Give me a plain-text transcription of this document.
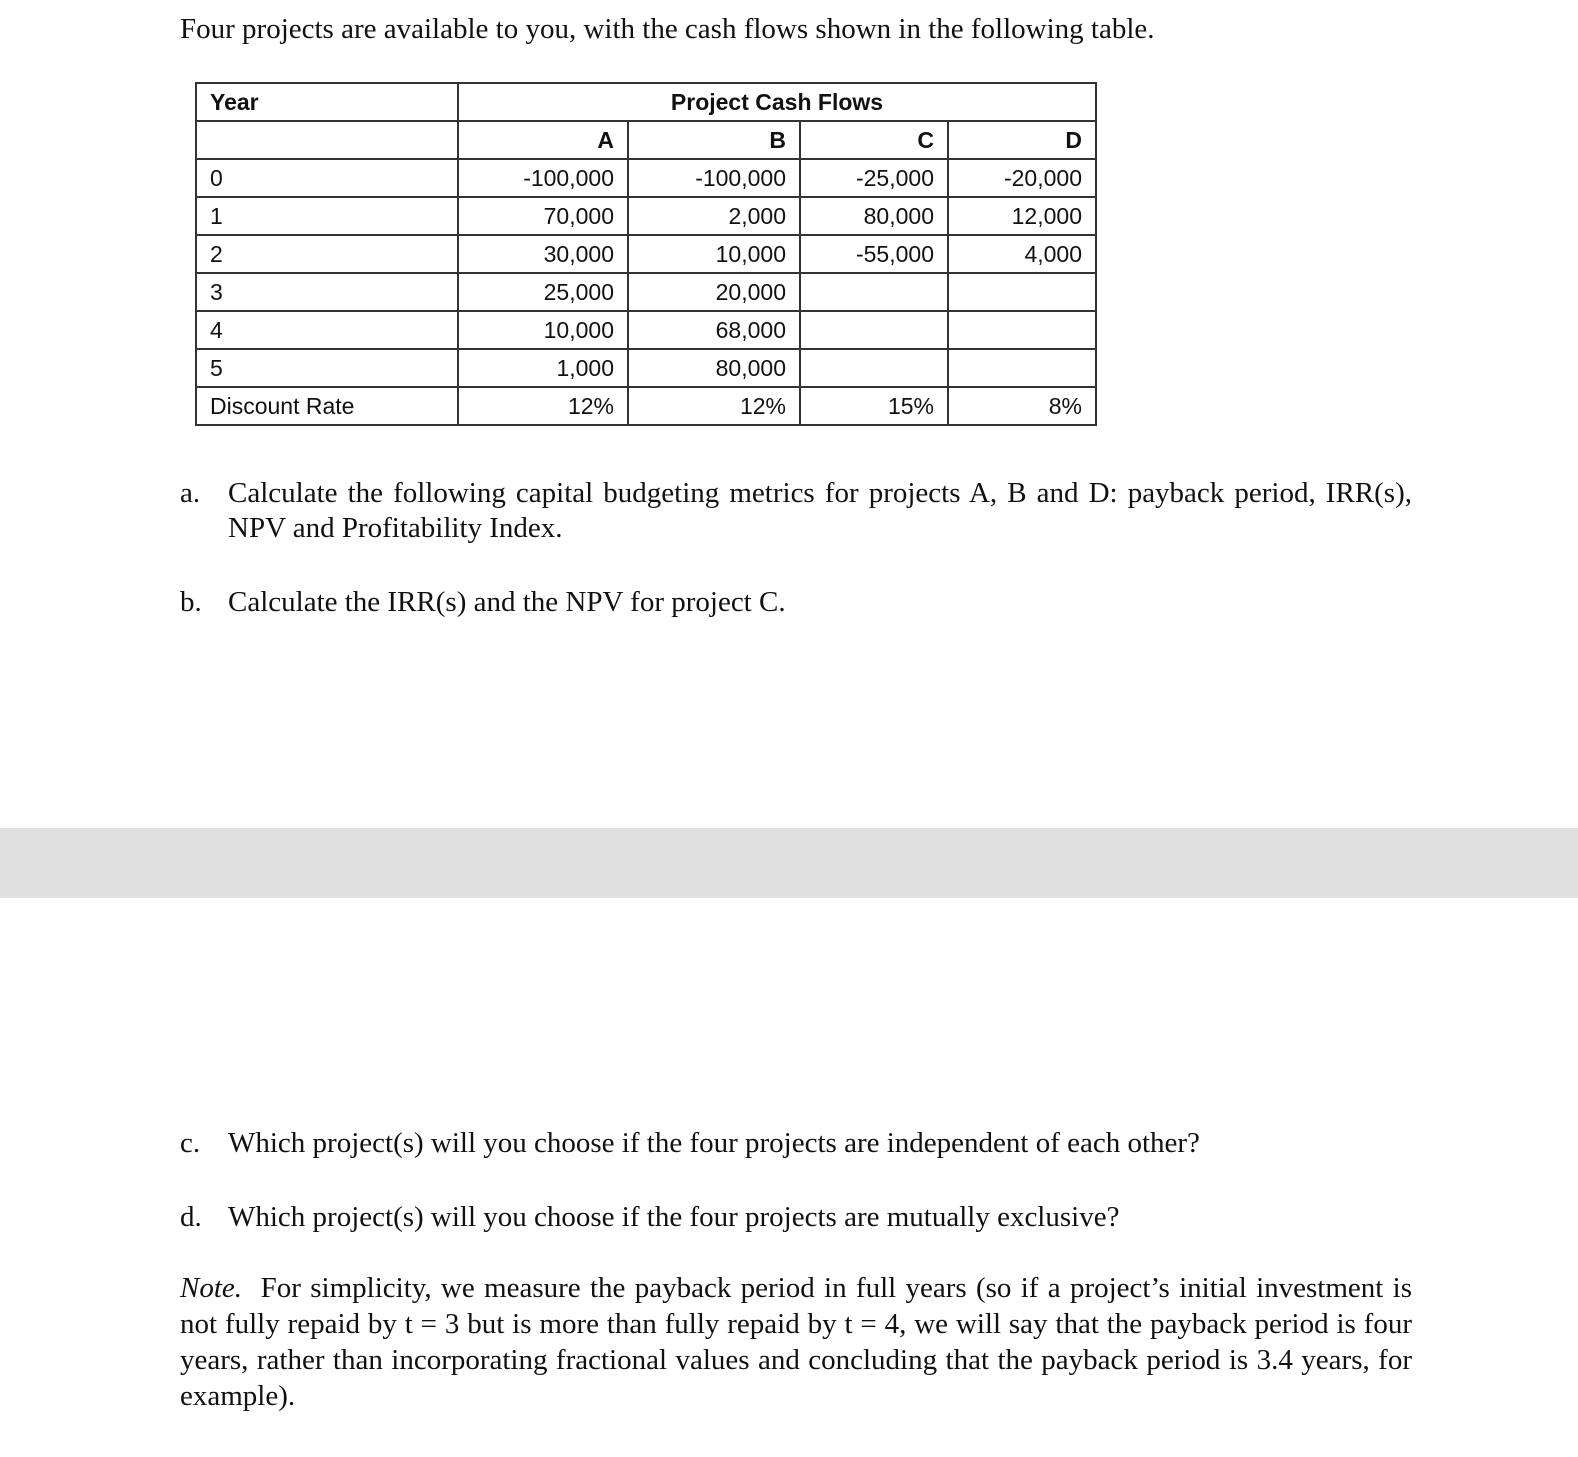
Four projects are available to you, with the cash flows shown in the following table.
Year	Project Cash Flows			
	A	B	C	D
0	-100,000	-100,000	-25,000	-20,000
1	70,000	2,000	80,000	12,000
2	30,000	10,000	-55,000	4,000
3	25,000	20,000		
4	10,000	68,000		
5	1,000	80,000		
Discount Rate	12%	12%	15%	8%
a. Calculate the following capital budgeting metrics for projects A, B and D: payback period, IRR(s), NPV and Profitability Index.
b. Calculate the IRR(s) and the NPV for project C.
c. Which project(s) will you choose if the four projects are independent of each other?
d. Which project(s) will you choose if the four projects are mutually exclusive?
Note. For simplicity, we measure the payback period in full years (so if a project’s initial investment is not fully repaid by t = 3 but is more than fully repaid by t = 4, we will say that the payback period is four years, rather than incorporating fractional values and concluding that the payback period is 3.4 years, for example).
